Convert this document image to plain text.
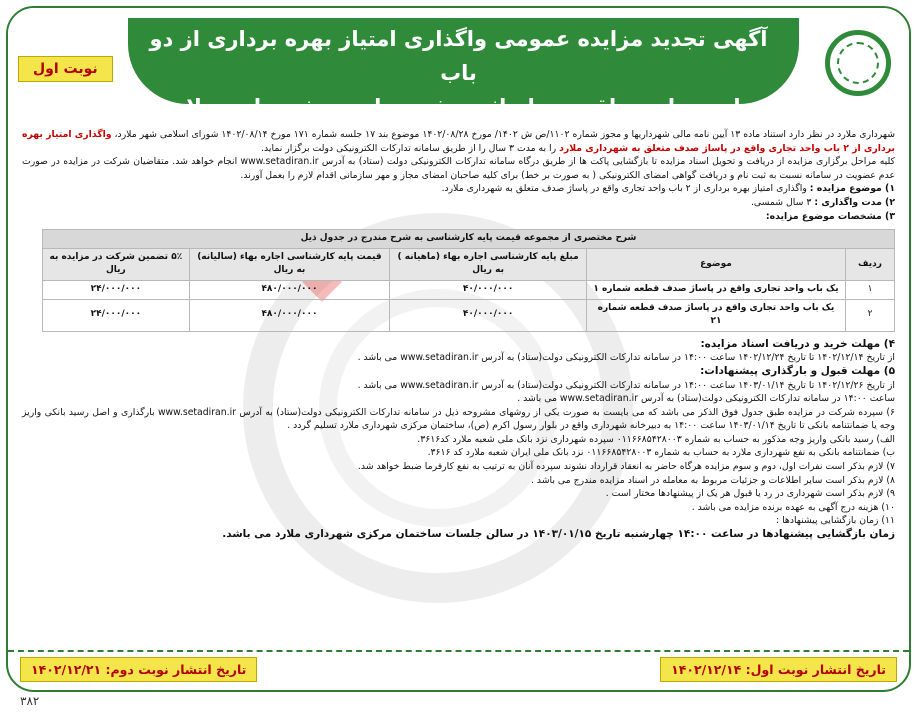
آگهی تجدید مزایده عمومی واگذاری امتیاز بهره برداری از دو باب
واحد تجاری واقع در پاساژ صدف متعلق به شهرداری ملارد
نوبت اول

شهرداری ملارد در نظر دارد استناد ماده ۱۳ آیین نامه مالی شهرداریها و مجوز شماره ۱۱۰۲/ص ش ۱۴۰۲/ مورخ ۱۴۰۲/۰۸/۲۸ موضوع بند ۱۷ جلسه شماره ۱۷۱ مورخ ۱۴۰۲/۰۸/۱۴ شورای اسلامی شهر ملارد، واگذاری امتیاز بهره برداری از ۲ باب واحد تجاری واقع در پاساژ صدف متعلق به شهرداری ملارد را به مدت ۳ سال را از طریق سامانه تدارکات الکترونیکی دولت برگزار نماید.

کلیه مراحل برگزاری مزایده از دریافت و تحویل اسناد مزایده تا بازگشایی پاکت ها از طریق درگاه سامانه تدارکات الکترونیکی دولت (ستاد) به آدرس www.setadiran.ir انجام خواهد شد. متقاضیان شرکت در مزایده در صورت عدم عضویت در سامانه نسبت به ثبت نام و دریافت گواهی امضای الکترونیکی ( به صورت بر خط) برای کلیه صاحبان امضای مجاز و مهر سازمانی اقدام لازم را بعمل آورند.

۱) موضوع مزایده : واگذاری امتیاز بهره برداری از ۲ باب واحد تجاری واقع در پاساژ صدف متعلق به شهرداری ملارد.

۲) مدت واگذاری : ۳ سال شمسی.

۳) مشخصات موضوع مزایده:

شرح مختصری از مجموعه قیمت پایه کارشناسی به شرح مندرج در جدول ذیل				
ردیف	موضوع	مبلغ پایه کارشناسی اجاره بهاء (ماهیانه ) به ریال	قیمت پایه کارشناسی اجاره بهاء (سالیانه) به ریال	۵٪ تضمین شرکت در مزایده به ریال
۱	یک باب واحد تجاری واقع در پاساژ صدف قطعه شماره ۱	۴۰/۰۰۰/۰۰۰	۴۸۰/۰۰۰/۰۰۰	۲۴/۰۰۰/۰۰۰
۲	یک باب واحد تجاری واقع در پاساژ صدف قطعه شماره ۲۱	۴۰/۰۰۰/۰۰۰	۴۸۰/۰۰۰/۰۰۰	۲۴/۰۰۰/۰۰۰

۴) مهلت خرید و دریافت اسناد مزایده:

از تاریخ ۱۴۰۲/۱۲/۱۴ تا تاریخ ۱۴۰۲/۱۲/۲۴ ساعت ۱۴:۰۰ در سامانه تدارکات الکترونیکی دولت(ستاد) به آدرس www.setadiran.ir می باشد .

۵) مهلت قبول و بارگذاری پیشنهادات:

از تاریخ ۱۴۰۲/۱۲/۲۶ تا تاریخ ۱۴۰۳/۰۱/۱۴ ساعت ۱۴:۰۰ در سامانه تدارکات الکترونیکی دولت(ستاد) به آدرس www.setadiran.ir می باشد .

ساعت ۱۴:۰۰ در سامانه تدارکات الکترونیکی دولت(ستاد) به آدرس www.setadiran.ir می باشد .

۶) سپرده شرکت در مزایده طبق جدول فوق الذکر می باشد که می بایست به صورت یکی از روشهای مشروحه ذیل در سامانه تدارکات الکترونیکی دولت(ستاد) به آدرس www.setadiran.ir بارگذاری و اصل رسید بانکی واریز وجه یا ضمانتنامه بانکی تا تاریخ ۱۴۰۳/۰۱/۱۴ ساعت ۱۴:۰۰ به دبیرخانه شهرداری واقع در بلوار رسول اکرم (ص)، ساختمان مرکزی شهرداری ملارد تسلیم گردد .

الف) رسید بانکی واریز وجه مذکور به حساب به شماره ۰۱۱۶۶۸۵۴۲۸۰۰۳ سپرده شهرداری نزد بانک ملی شعبه ملارد کد۳۶۱۶.

ب) ضمانتنامه بانکی به نفع شهرداری ملارد به حساب به شماره ۰۱۱۶۶۸۵۴۲۸۰۰۳ نزد بانک ملی ایران شعبه ملارد کد ۳۶۱۶.

۷) لازم بذکر است نفرات اول، دوم و سوم مزایده هرگاه حاضر به انعقاد قرارداد نشوند سپرده آنان به ترتیب به نفع کارفرما ضبط خواهد شد.

۸) لازم بذکر است سایر اطلاعات و جزئیات مربوط به معامله در اسناد مزایده مندرج می باشد .

۹) لازم بذکر است شهرداری در رد یا قبول هر یک از پیشنهادها مختار است .

۱۰) هزینه درج آگهی به عهده برنده مزایده می باشد .

۱۱) زمان بازگشایی پیشنهادها :

زمان بازگشایی پیشنهادها در ساعت ۱۴:۰۰ چهارشنبه تاریخ ۱۴۰۳/۰۱/۱۵ در سالن جلسات ساختمان مرکزی شهرداری ملارد می باشد.

تاریخ انتشار نوبت اول: ۱۴۰۲/۱۲/۱۴
تاریخ انتشار نوبت دوم: ۱۴۰۲/۱۲/۲۱
۳۸۲
